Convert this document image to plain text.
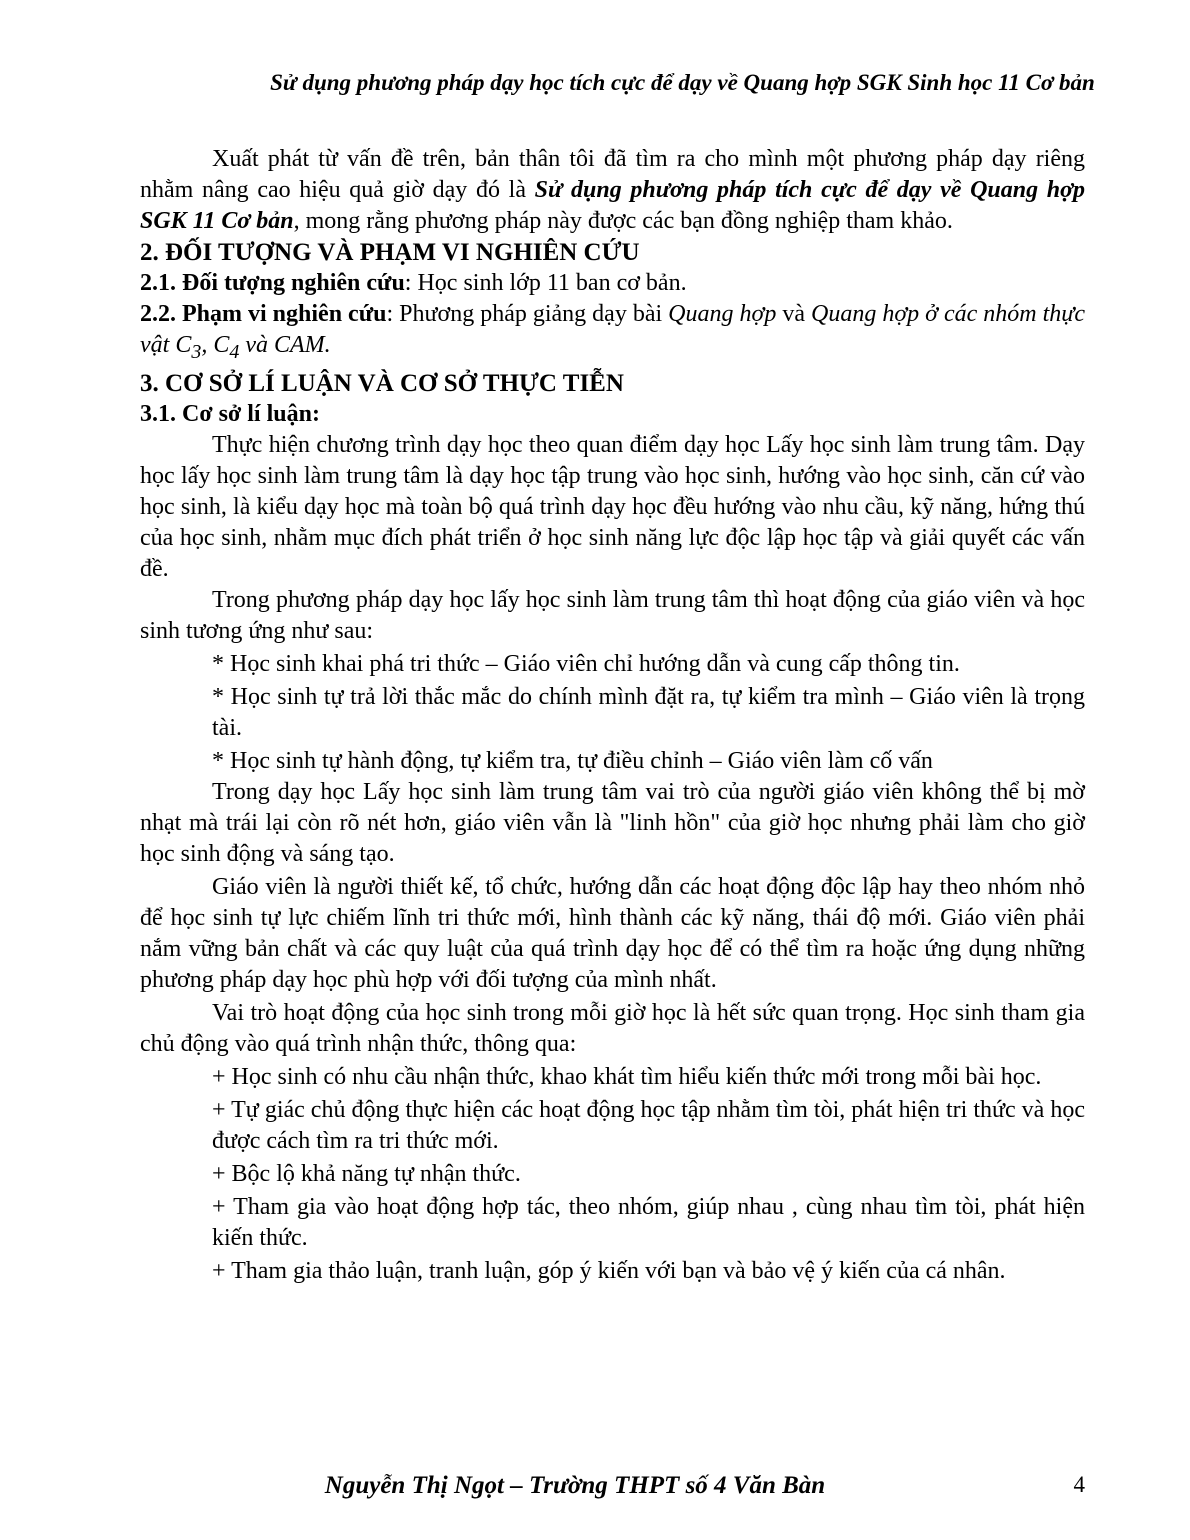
Sử dụng phương pháp dạy học tích cực để dạy về Quang hợp SGK Sinh học 11 Cơ bản

Xuất phát từ vấn đề trên, bản thân tôi đã tìm ra cho mình một phương pháp dạy riêng nhằm nâng cao hiệu quả giờ dạy đó là Sử dụng phương pháp tích cực để dạy về Quang hợp SGK 11 Cơ bản, mong rằng phương pháp này được các bạn đồng nghiệp tham khảo.

2. ĐỐI TƯỢNG VÀ PHẠM VI NGHIÊN CỨU

2.1. Đối tượng nghiên cứu: Học sinh lớp 11 ban cơ bản.

2.2. Phạm vi nghiên cứu: Phương pháp giảng dạy bài Quang hợp và Quang hợp ở các nhóm thực vật $C_3$, $C_4$ và CAM.

3. CƠ SỞ LÍ LUẬN VÀ CƠ SỞ THỰC TIỄN

3.1. Cơ sở lí luận:

Thực hiện chương trình dạy học theo quan điểm dạy học Lấy học sinh làm trung tâm. Dạy học lấy học sinh làm trung tâm là dạy học tập trung vào học sinh, hướng vào học sinh, căn cứ vào học sinh, là kiểu dạy học mà toàn bộ quá trình dạy học đều hướng vào nhu cầu, kỹ năng, hứng thú của học sinh, nhằm mục đích phát triển ở học sinh năng lực độc lập học tập và giải quyết các vấn đề.

Trong phương pháp dạy học lấy học sinh làm trung tâm thì hoạt động của giáo viên và học sinh tương ứng như sau:

* Học sinh khai phá tri thức – Giáo viên chỉ hướng dẫn và cung cấp thông tin.

* Học sinh tự trả lời thắc mắc do chính mình đặt ra, tự kiểm tra mình – Giáo viên là trọng tài.

* Học sinh tự hành động, tự kiểm tra, tự điều chỉnh – Giáo viên làm cố vấn

Trong dạy học Lấy học sinh làm trung tâm vai trò của người giáo viên không thể bị mờ nhạt mà trái lại còn rõ nét hơn, giáo viên vẫn là "linh hồn" của giờ học nhưng phải làm cho giờ học sinh động và sáng tạo.

Giáo viên là người thiết kế, tổ chức, hướng dẫn các hoạt động độc lập hay theo nhóm nhỏ để học sinh tự lực chiếm lĩnh tri thức mới, hình thành các kỹ năng, thái độ mới. Giáo viên phải nắm vững bản chất và các quy luật của quá trình dạy học để có thể tìm ra hoặc ứng dụng những phương pháp dạy học phù hợp với đối tượng của mình nhất.

Vai trò hoạt động của học sinh trong mỗi giờ học là hết sức quan trọng. Học sinh tham gia chủ động vào quá trình nhận thức, thông qua:

+ Học sinh có nhu cầu nhận thức, khao khát tìm hiểu kiến thức mới trong mỗi bài học.

+ Tự giác chủ động thực hiện các hoạt động học tập nhằm tìm tòi, phát hiện tri thức và học được cách tìm ra tri thức mới.

+ Bộc lộ khả năng tự nhận thức.

+ Tham gia vào hoạt động hợp tác, theo nhóm, giúp nhau , cùng nhau tìm tòi, phát hiện kiến thức.

+ Tham gia thảo luận, tranh luận, góp ý kiến với bạn và bảo vệ ý kiến của cá nhân.

Nguyễn Thị Ngọt – Trường THPT số 4 Văn Bàn	4
